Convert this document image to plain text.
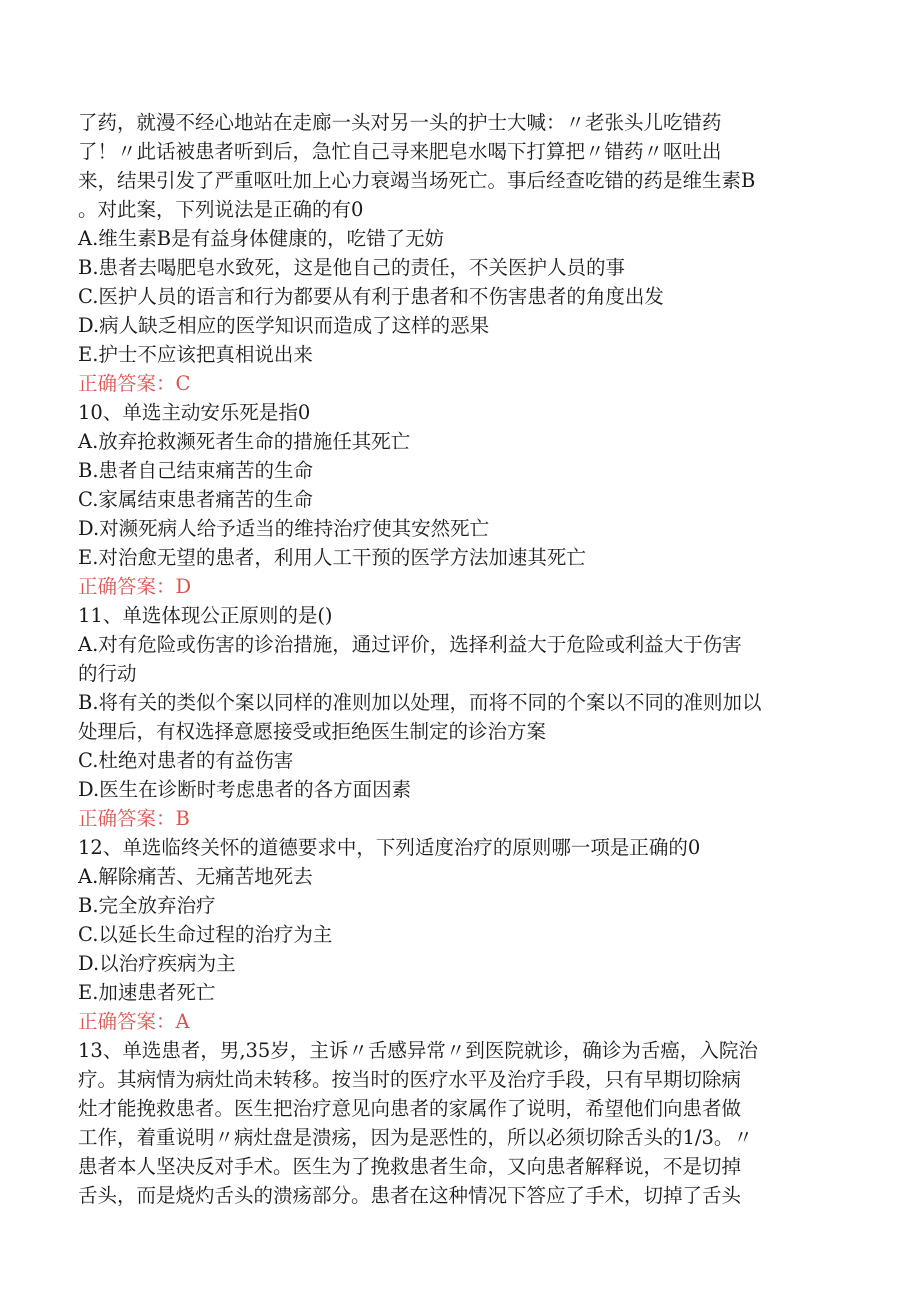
了药，就漫不经心地站在走廊一头对另一头的护士大喊：〃老张头儿吃错药
了！〃此话被患者听到后，急忙自己寻来肥皂水喝下打算把〃错药〃呕吐出
来，结果引发了严重呕吐加上心力衰竭当场死亡。事后经查吃错的药是维生素B
。对此案，下列说法是正确的有0
A.维生素B是有益身体健康的，吃错了无妨
B.患者去喝肥皂水致死，这是他自己的责任，不关医护人员的事
C.医护人员的语言和行为都要从有利于患者和不伤害患者的角度出发
D.病人缺乏相应的医学知识而造成了这样的恶果
E.护士不应该把真相说出来
正确答案：C
10、单选主动安乐死是指0
A.放弃抢救濒死者生命的措施任其死亡
B.患者自己结束痛苦的生命
C.家属结束患者痛苦的生命
D.对濒死病人给予适当的维持治疗使其安然死亡
E.对治愈无望的患者，利用人工干预的医学方法加速其死亡
正确答案：D
11、单选体现公正原则的是()
A.对有危险或伤害的诊治措施，通过评价，选择利益大于危险或利益大于伤害
的行动
B.将有关的类似个案以同样的准则加以处理，而将不同的个案以不同的准则加以
处理后，有权选择意愿接受或拒绝医生制定的诊治方案
C.杜绝对患者的有益伤害
D.医生在诊断时考虑患者的各方面因素
正确答案：B
12、单选临终关怀的道德要求中，下列适度治疗的原则哪一项是正确的0
A.解除痛苦、无痛苦地死去
B.完全放弃治疗
C.以延长生命过程的治疗为主
D.以治疗疾病为主
E.加速患者死亡
正确答案：A
13、单选患者，男,35岁，主诉〃舌感异常〃到医院就诊，确诊为舌癌，入院治
疗。其病情为病灶尚未转移。按当时的医疗水平及治疗手段，只有早期切除病
灶才能挽救患者。医生把治疗意见向患者的家属作了说明，希望他们向患者做
工作，着重说明〃病灶盘是溃疡，因为是恶性的，所以必须切除舌头的1/3。〃
患者本人坚决反对手术。医生为了挽救患者生命，又向患者解释说，不是切掉
舌头，而是烧灼舌头的溃疡部分。患者在这种情况下答应了手术，切掉了舌头
